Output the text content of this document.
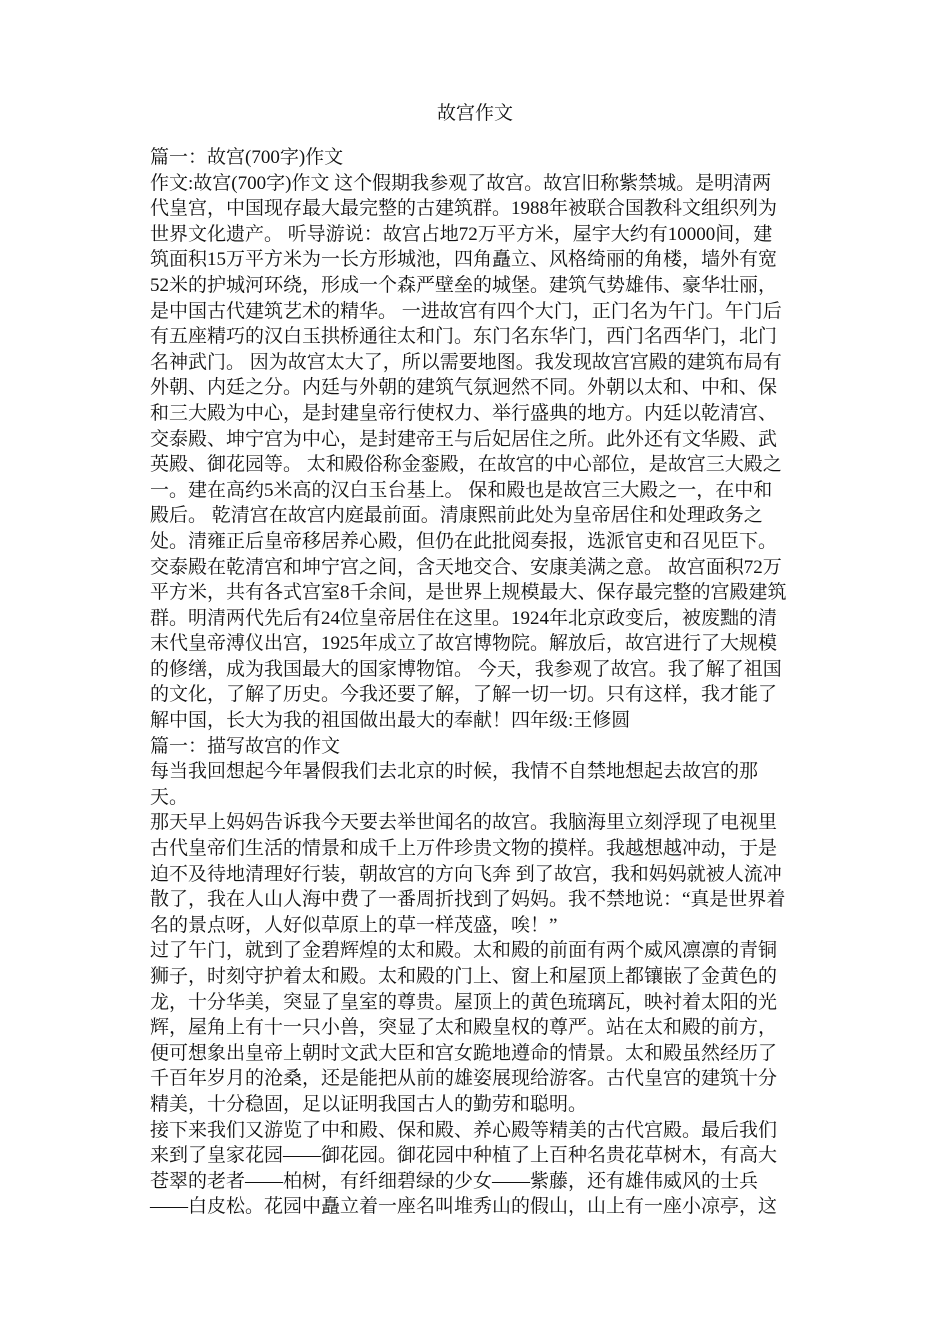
故宫作文
篇一：故宫(700字)作文
作文:故宫(700字)作文 这个假期我参观了故宫。故宫旧称紫禁城。是明清两
代皇宫，中国现存最大最完整的古建筑群。1988年被联合国教科文组织列为
世界文化遗产。 听导游说：故宫占地72万平方米，屋宇大约有10000间，建
筑面积15万平方米为一长方形城池，四角矗立、风格绮丽的角楼，墙外有宽
52米的护城河环绕，形成一个森严壁垒的城堡。建筑气势雄伟、豪华壮丽，
是中国古代建筑艺术的精华。 一进故宫有四个大门，正门名为午门。午门后
有五座精巧的汉白玉拱桥通往太和门。东门名东华门，西门名西华门，北门
名神武门。 因为故宫太大了，所以需要地图。我发现故宫宫殿的建筑布局有
外朝、内廷之分。内廷与外朝的建筑气氛迥然不同。外朝以太和、中和、保
和三大殿为中心，是封建皇帝行使权力、举行盛典的地方。内廷以乾清宫、
交泰殿、坤宁宫为中心，是封建帝王与后妃居住之所。此外还有文华殿、武
英殿、御花园等。 太和殿俗称金銮殿，在故宫的中心部位，是故宫三大殿之
一。建在高约5米高的汉白玉台基上。 保和殿也是故宫三大殿之一，在中和
殿后。 乾清宫在故宫内庭最前面。清康熙前此处为皇帝居住和处理政务之
处。清雍正后皇帝移居养心殿，但仍在此批阅奏报，选派官吏和召见臣下。
交泰殿在乾清宫和坤宁宫之间，含天地交合、安康美满之意。 故宫面积72万
平方米，共有各式宫室8千余间，是世界上规模最大、保存最完整的宫殿建筑
群。明清两代先后有24位皇帝居住在这里。1924年北京政变后，被废黜的清
末代皇帝溥仪出宫，1925年成立了故宫博物院。解放后，故宫进行了大规模
的修缮，成为我国最大的国家博物馆。 今天，我参观了故宫。我了解了祖国
的文化，了解了历史。今我还要了解，了解一切一切。只有这样，我才能了
解中国，长大为我的祖国做出最大的奉献！四年级:王修圆
篇一：描写故宫的作文
每当我回想起今年暑假我们去北京的时候，我情不自禁地想起去故宫的那
天。
那天早上妈妈告诉我今天要去举世闻名的故宫。我脑海里立刻浮现了电视里
古代皇帝们生活的情景和成千上万件珍贵文物的摸样。我越想越冲动，于是
迫不及待地清理好行装，朝故宫的方向飞奔 到了故宫，我和妈妈就被人流冲
散了，我在人山人海中费了一番周折找到了妈妈。我不禁地说：“真是世界着
名的景点呀，人好似草原上的草一样茂盛，唉！”
过了午门，就到了金碧辉煌的太和殿。太和殿的前面有两个威风凛凛的青铜
狮子，时刻守护着太和殿。太和殿的门上、窗上和屋顶上都镶嵌了金黄色的
龙，十分华美，突显了皇室的尊贵。屋顶上的黄色琉璃瓦，映衬着太阳的光
辉，屋角上有十一只小兽，突显了太和殿皇权的尊严。站在太和殿的前方，
便可想象出皇帝上朝时文武大臣和宫女跪地遵命的情景。太和殿虽然经历了
千百年岁月的沧桑，还是能把从前的雄姿展现给游客。古代皇宫的建筑十分
精美，十分稳固，足以证明我国古人的勤劳和聪明。
接下来我们又游览了中和殿、保和殿、养心殿等精美的古代宫殿。最后我们
来到了皇家花园——御花园。御花园中种植了上百种名贵花草树木，有高大
苍翠的老者——柏树，有纤细碧绿的少女——紫藤，还有雄伟威风的士兵
——白皮松。花园中矗立着一座名叫堆秀山的假山，山上有一座小凉亭，这
